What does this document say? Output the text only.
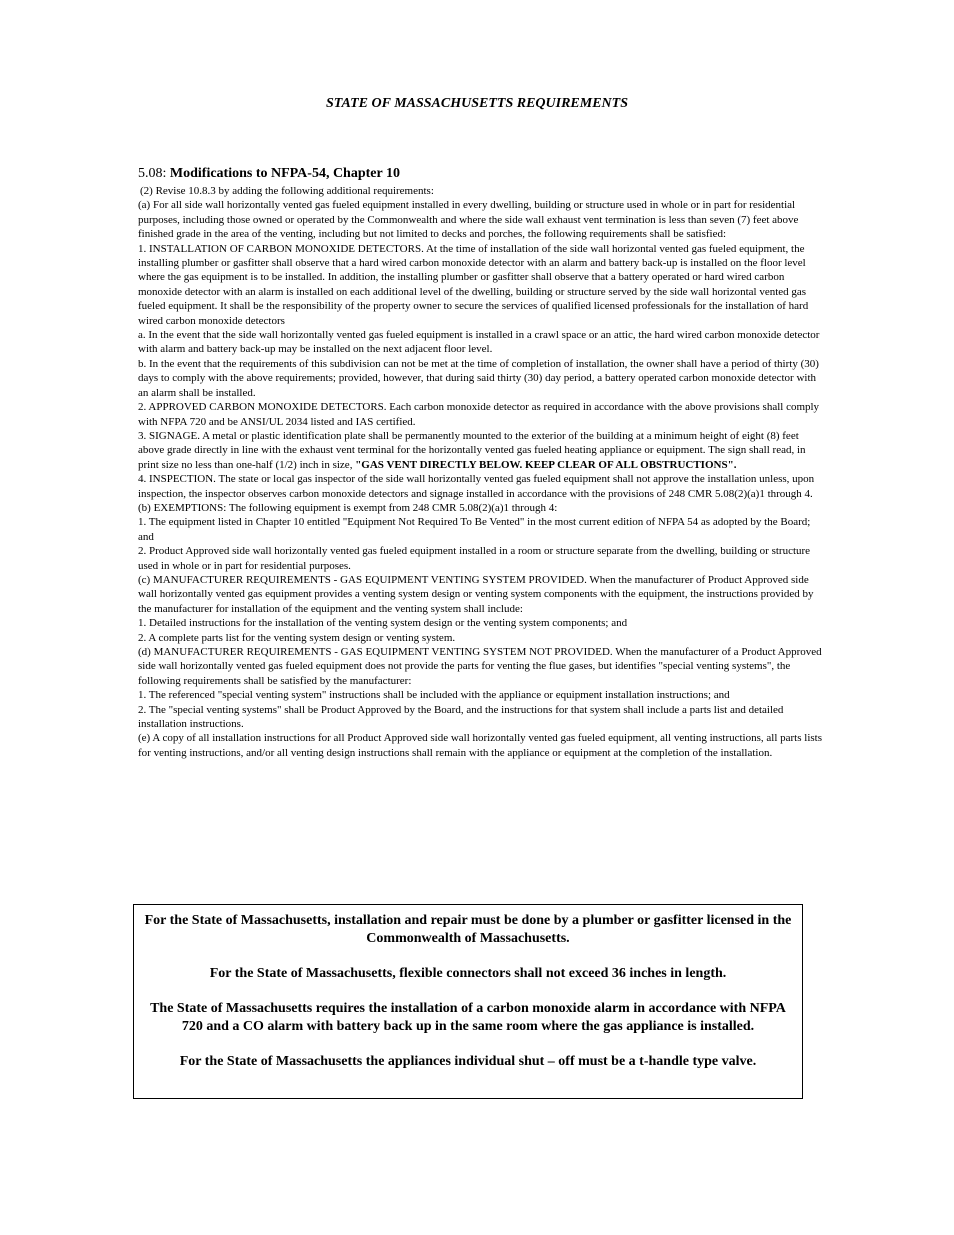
STATE OF MASSACHUSETTS REQUIREMENTS
5.08: Modifications to NFPA-54, Chapter 10

(2) Revise 10.8.3 by adding the following additional requirements:

(a) For all side wall horizontally vented gas fueled equipment installed in every dwelling, building or structure used in whole or in part for residential purposes, including those owned or operated by the Commonwealth and where the side wall exhaust vent termination is less than seven (7) feet above finished grade in the area of the venting, including but not limited to decks and porches, the following requirements shall be satisfied:

1. INSTALLATION OF CARBON MONOXIDE DETECTORS. At the time of installation of the side wall horizontal vented gas fueled equipment, the installing plumber or gasfitter shall observe that a hard wired carbon monoxide detector with an alarm and battery back-up is installed on the floor level where the gas equipment is to be installed. In addition, the installing plumber or gasfitter shall observe that a battery operated or hard wired carbon monoxide detector with an alarm is installed on each additional level of the dwelling, building or structure served by the side wall horizontal vented gas fueled equipment. It shall be the responsibility of the property owner to secure the services of qualified licensed professionals for the installation of hard wired carbon monoxide detectors

a. In the event that the side wall horizontally vented gas fueled equipment is installed in a crawl space or an attic, the hard wired carbon monoxide detector with alarm and battery back-up may be installed on the next adjacent floor level.

b. In the event that the requirements of this subdivision can not be met at the time of completion of installation, the owner shall have a period of thirty (30) days to comply with the above requirements; provided, however, that during said thirty (30) day period, a battery operated carbon monoxide detector with an alarm shall be installed.

2. APPROVED CARBON MONOXIDE DETECTORS. Each carbon monoxide detector as required in accordance with the above provisions shall comply with NFPA 720 and be ANSI/UL 2034 listed and IAS certified.

3. SIGNAGE. A metal or plastic identification plate shall be permanently mounted to the exterior of the building at a minimum height of eight (8) feet above grade directly in line with the exhaust vent terminal for the horizontally vented gas fueled heating appliance or equipment. The sign shall read, in print size no less than one-half (1/2) inch in size, "GAS VENT DIRECTLY BELOW. KEEP CLEAR OF ALL OBSTRUCTIONS".

4. INSPECTION. The state or local gas inspector of the side wall horizontally vented gas fueled equipment shall not approve the installation unless, upon inspection, the inspector observes carbon monoxide detectors and signage installed in accordance with the provisions of 248 CMR 5.08(2)(a)1 through 4.

(b) EXEMPTIONS: The following equipment is exempt from 248 CMR 5.08(2)(a)1 through 4:

1. The equipment listed in Chapter 10 entitled "Equipment Not Required To Be Vented" in the most current edition of NFPA 54 as adopted by the Board; and

2. Product Approved side wall horizontally vented gas fueled equipment installed in a room or structure separate from the dwelling, building or structure used in whole or in part for residential purposes.

(c) MANUFACTURER REQUIREMENTS - GAS EQUIPMENT VENTING SYSTEM PROVIDED. When the manufacturer of Product Approved side wall horizontally vented gas equipment provides a venting system design or venting system components with the equipment, the instructions provided by the manufacturer for installation of the equipment and the venting system shall include:

1. Detailed instructions for the installation of the venting system design or the venting system components; and

2. A complete parts list for the venting system design or venting system.

(d) MANUFACTURER REQUIREMENTS - GAS EQUIPMENT VENTING SYSTEM NOT PROVIDED. When the manufacturer of a Product Approved side wall horizontally vented gas fueled equipment does not provide the parts for venting the flue gases, but identifies "special venting systems", the following requirements shall be satisfied by the manufacturer:

1. The referenced "special venting system" instructions shall be included with the appliance or equipment installation instructions; and

2. The "special venting systems" shall be Product Approved by the Board, and the instructions for that system shall include a parts list and detailed installation instructions.

(e) A copy of all installation instructions for all Product Approved side wall horizontally vented gas fueled equipment, all venting instructions, all parts lists for venting instructions, and/or all venting design instructions shall remain with the appliance or equipment at the completion of the installation.

For the State of Massachusetts, installation and repair must be done by a plumber or gasfitter licensed in the Commonwealth of Massachusetts.

For the State of Massachusetts, flexible connectors shall not exceed 36 inches in length.

The State of Massachusetts requires the installation of a carbon monoxide alarm in accordance with NFPA 720 and a CO alarm with battery back up in the same room where the gas appliance is installed.

For the State of Massachusetts the appliances individual shut – off must be a t-handle type valve.
